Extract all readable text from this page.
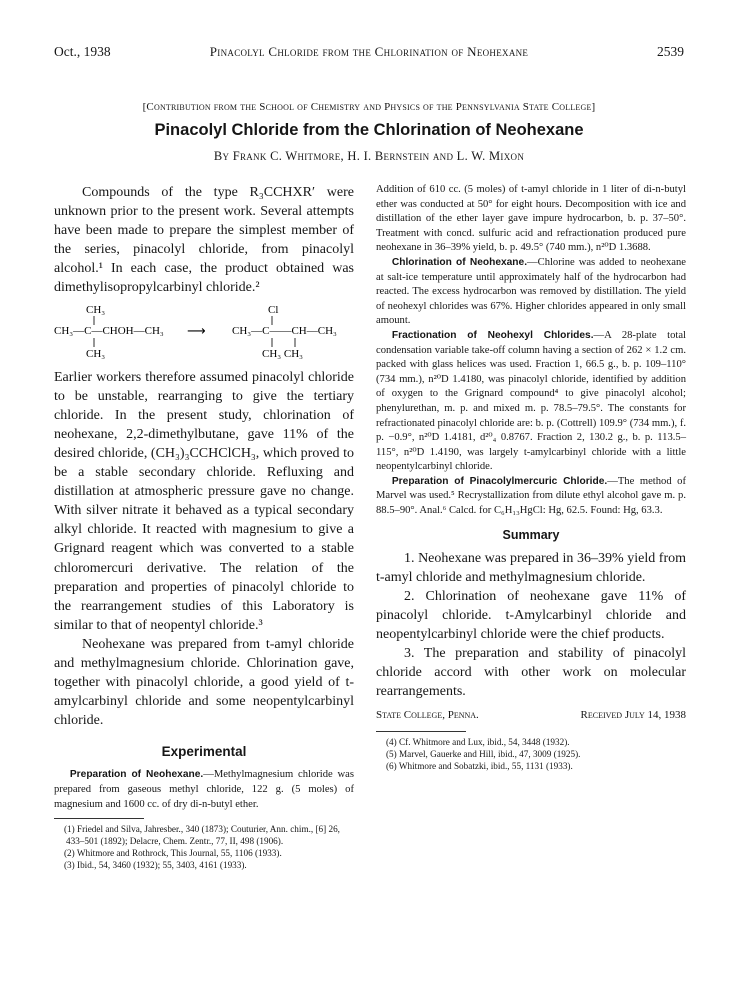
Oct., 1938	Pinacolyl Chloride from the Chlorination of Neohexane	2539
[Contribution from the School of Chemistry and Physics of the Pennsylvania State College]
Pinacolyl Chloride from the Chlorination of Neohexane
By Frank C. Whitmore, H. I. Bernstein and L. W. Mixon

Compounds of the type R₃CCHXR′ were unknown prior to the present work. Several attempts have been made to prepare the simplest member of the series, pinacolyl chloride, from pinacolyl alcohol.¹ In each case, the product obtained was dimethylisopropylcarbinyl chloride.²

CH₃
CH₃—C—CHOH—CH₃
CH₃
⟶
Cl
CH₃—C——CH—CH₃
CH₃ CH₃

Earlier workers therefore assumed pinacolyl chloride to be unstable, rearranging to give the tertiary chloride. In the present study, chlorination of neohexane, 2,2-dimethylbutane, gave 11% of the desired chloride, (CH₃)₃CCHClCH₃, which proved to be a stable secondary chloride. Refluxing and distillation at atmospheric pressure gave no change. With silver nitrate it behaved as a typical secondary alkyl chloride. It reacted with magnesium to give a Grignard reagent which was converted to a stable chloromercuri derivative. The relation of the preparation and properties of pinacolyl chloride to the rearrangement studies of this Laboratory is similar to that of neopentyl chloride.³

Neohexane was prepared from t-amyl chloride and methylmagnesium chloride. Chlorination gave, together with pinacolyl chloride, a good yield of t-amylcarbinyl chloride and some neopentylcarbinyl chloride.

Experimental

Preparation of Neohexane.—Methylmagnesium chloride was prepared from gaseous methyl chloride, 122 g. (5 moles) of magnesium and 1600 cc. of dry di-n-butyl ether.

(1) Friedel and Silva, Jahresber., 340 (1873); Couturier, Ann. chim., [6] 26, 433–501 (1892); Delacre, Chem. Zentr., 77, II, 498 (1906).

(2) Whitmore and Rothrock, This Journal, 55, 1106 (1933).

(3) Ibid., 54, 3460 (1932); 55, 3403, 4161 (1933).

Addition of 610 cc. (5 moles) of t-amyl chloride in 1 liter of di-n-butyl ether was conducted at 50° for eight hours. Decomposition with ice and distillation of the ether layer gave impure hydrocarbon, b. p. 37–50°. Treatment with concd. sulfuric acid and refractionation produced pure neohexane in 36–39% yield, b. p. 49.5° (740 mm.), n²⁰D 1.3688.

Chlorination of Neohexane.—Chlorine was added to neohexane at salt-ice temperature until approximately half of the hydrocarbon had reacted. The excess hydrocarbon was removed by distillation. The yield of neohexyl chlorides was 67%. Higher chlorides appeared in only small amount.

Fractionation of Neohexyl Chlorides.—A 28-plate total condensation variable take-off column having a section of 262 × 1.2 cm. packed with glass helices was used. Fraction 1, 66.5 g., b. p. 109–110° (734 mm.), n²⁰D 1.4180, was pinacolyl chloride, identified by addition of oxygen to the Grignard compound⁴ to give pinacolyl alcohol; phenylurethan, m. p. and mixed m. p. 78.5–79.5°. The constants for refractionated pinacolyl chloride are: b. p. (Cottrell) 109.9° (734 mm.), f. p. −0.9°, n²⁰D 1.4181, d²⁰₄ 0.8767. Fraction 2, 130.2 g., b. p. 113.5–115°, n²⁰D 1.4190, was largely t-amylcarbinyl chloride with a little neopentylcarbinyl chloride.

Preparation of Pinacolylmercuric Chloride.—The method of Marvel was used.⁵ Recrystallization from dilute ethyl alcohol gave m. p. 88.5–90°. Anal.⁶ Calcd. for C₆H₁₃HgCl: Hg, 62.5. Found: Hg, 63.3.

Summary

1. Neohexane was prepared in 36–39% yield from t-amyl chloride and methylmagnesium chloride.

2. Chlorination of neohexane gave 11% of pinacolyl chloride. t-Amylcarbinyl chloride and neopentylcarbinyl chloride were the chief products.

3. The preparation and stability of pinacolyl chloride accord with other work on molecular rearrangements.

State College, Penna.	Received July 14, 1938

(4) Cf. Whitmore and Lux, ibid., 54, 3448 (1932).

(5) Marvel, Gauerke and Hill, ibid., 47, 3009 (1925).

(6) Whitmore and Sobatzki, ibid., 55, 1131 (1933).
